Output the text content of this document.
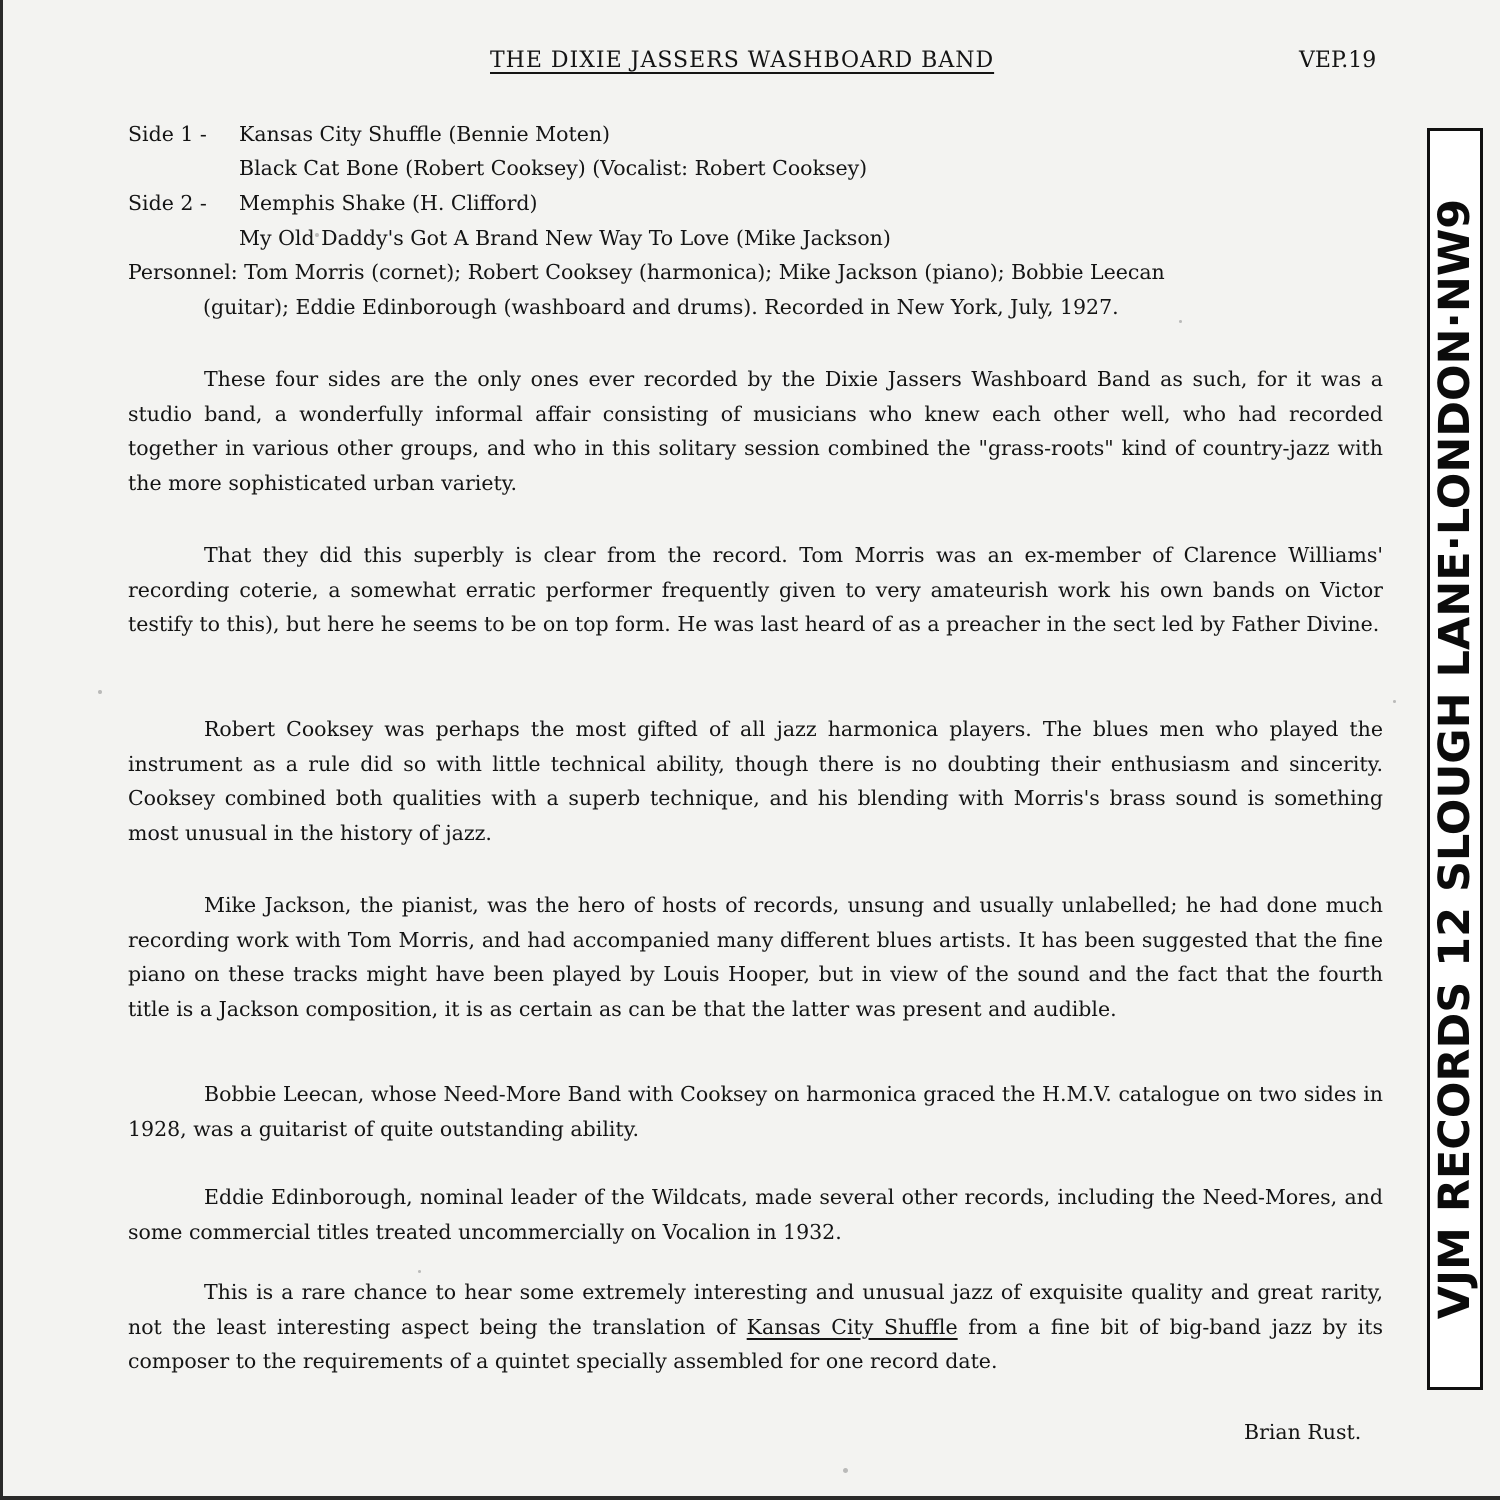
THE DIXIE JASSERS WASHBOARD BAND	VEP.19
Side 1 - Kansas City Shuffle (Bennie Moten)
Black Cat Bone (Robert Cooksey) (Vocalist: Robert Cooksey)
Side 2 - Memphis Shake (H. Clifford)
My Old Daddy's Got A Brand New Way To Love (Mike Jackson)
Personnel: Tom Morris (cornet); Robert Cooksey (harmonica); Mike Jackson (piano); Bobbie Leecan
(guitar); Eddie Edinborough (washboard and drums). Recorded in New York, July, 1927.

These four sides are the only ones ever recorded by the Dixie Jassers Washboard Band as such, for it was a studio band, a wonderfully informal affair consisting of musicians who knew each other well, who had recorded together in various other groups, and who in this solitary session combined the "grass-roots" kind of country-jazz with the more sophisticated urban variety.

That they did this superbly is clear from the record. Tom Morris was an ex-member of Clarence Williams' recording coterie, a somewhat erratic performer frequently given to very amateurish work his own bands on Victor testify to this), but here he seems to be on top form. He was last heard of as a preacher in the sect led by Father Divine.

Robert Cooksey was perhaps the most gifted of all jazz harmonica players. The blues men who played the instrument as a rule did so with little technical ability, though there is no doubting their enthusiasm and sincerity. Cooksey combined both qualities with a superb technique, and his blending with Morris's brass sound is something most unusual in the history of jazz.

Mike Jackson, the pianist, was the hero of hosts of records, unsung and usually unlabelled; he had done much recording work with Tom Morris, and had accompanied many different blues artists. It has been suggested that the fine piano on these tracks might have been played by Louis Hooper, but in view of the sound and the fact that the fourth title is a Jackson composition, it is as certain as can be that the latter was present and audible.

Bobbie Leecan, whose Need-More Band with Cooksey on harmonica graced the H.M.V. catalogue on two sides in 1928, was a guitarist of quite outstanding ability.

Eddie Edinborough, nominal leader of the Wildcats, made several other records, including the Need-Mores, and some commercial titles treated uncommercially on Vocalion in 1932.

This is a rare chance to hear some extremely interesting and unusual jazz of exquisite quality and great rarity, not the least interesting aspect being the translation of Kansas City Shuffle from a fine bit of big-band jazz by its composer to the requirements of a quintet specially assembled for one record date.

Brian Rust.
VJM RECORDS 12 SLOUGH LANE·LONDON·NW9
